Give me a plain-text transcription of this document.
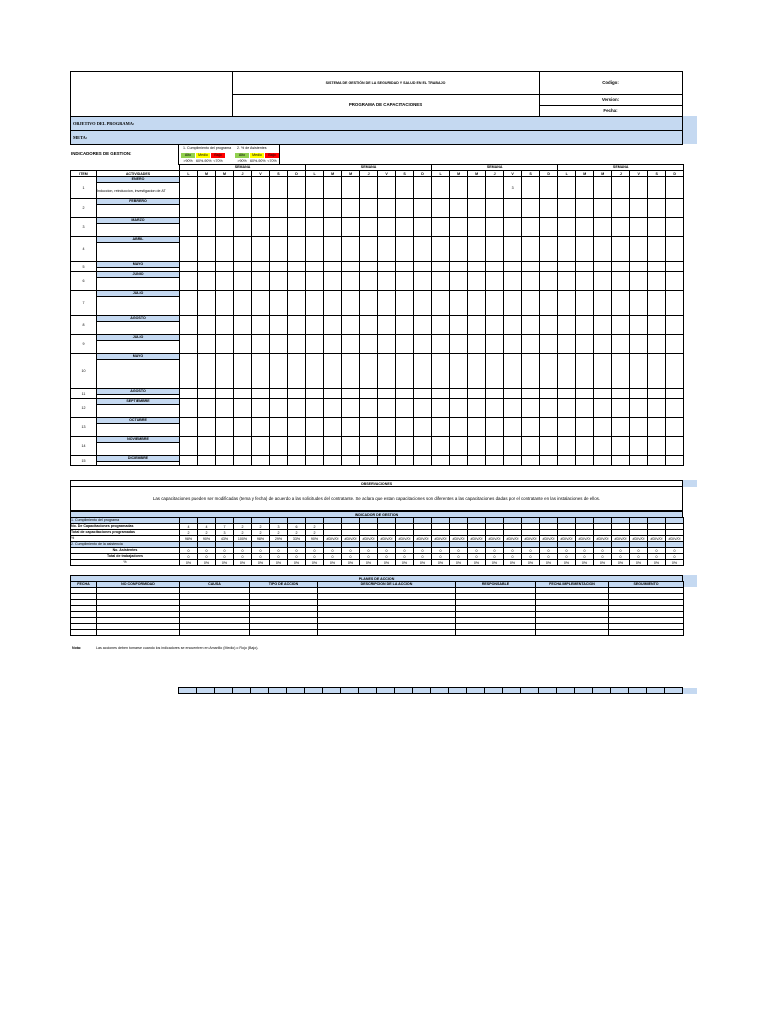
SISTEMA DE GESTIÓN DE LA SEGURIDAD Y SALUD EN EL TRABAJO
PROGRAMA DE CAPACITACIONES
Codigo:
Version:
Fecha:
OBJETIVO DEL PROGRAMA:
META:
INDICADORES DE GESTION:
1. Cumplimiento del programa 2. % de Asistentes
Alto
>90%
Medio
60%-90%
Bajo
<70%
Alto
>90%
Medio
60%-90%
Bajo
<70%
		SEMANA							SEMANA							SEMANA							SEMANA						
ITEM	ACTIVIDADES	L	M	M	J	V	S	D	L	M	M	J	V	S	D	L	M	M	J	V	S	D	L	M	M	J	V	S	D
1	ENERO																			3									
	Induccion, reinduccion, investigacion de AT																												
2	FEBRERO																												

3	MARZO																												

4	ABRIL																												

5	MAYO																												

6	JUNIO																												

7	JULIO																												

8	AGOSTO																												

9	JULIO																												

10	MAYO																												

11	AGOSTO																												

12	SEPTIEMBRE																												

13	OCTUBRE																												

14	NOVIEMBRE																												

15	DICIEMBRE																												

OBSERVACIONES
Las capacitaciones pueden ser modificadas (tema y fecha) de acuerdo a las solicitudes del contratante. Se aclara que estan capacitaciones son diferentes a las capacitaciones dadas por el contratante en las instalaciones de ellos.
INDICADOR DE GESTION
1. Cumplimiento del programa																												
No. De Capacitaciones programadas	4	4	7	2	2	3	6	2																				
Total de capacitaciones programadas	2	2	3	2	2	2	2	2																				
%	98%	90%	43%	100%	98%	29%	33%	90%	#DIV/0!	#DIV/0!	#DIV/0!	#DIV/0!	#DIV/0!	#DIV/0!	#DIV/0!	#DIV/0!	#DIV/0!	#DIV/0!	#DIV/0!	#DIV/0!	#DIV/0!	#DIV/0!	#DIV/0!	#DIV/0!	#DIV/0!	#DIV/0!	#DIV/0!	#DIV/0!
2. Cumplimiento de la asistencia																												
No. Asistentes	0	0	0	0	0	0	0	0	0	0	0	0	0	0	0	0	0	0	0	0	0	0	0	0	0	0	0	0
Total de trabajadores	0	0	0	0	0	0	0	0	0	0	0	0	0	0	0	0	0	0	0	0	0	0	0	0	0	0	0	0
%	0%	0%	0%	0%	0%	0%	0%	0%	0%	0%	0%	0%	0%	0%	0%	0%	0%	0%	0%	0%	0%	0%	0%	0%	0%	0%	0%	0%
PLANES DE ACCION
FECHA	NO CONFORMIDAD	CAUSA	TIPO DE ACCION	DESCRIPCION DE LA ACCION	RESPONSABLE	FECHA IMPLEMENTACION	SEGUIMIENTO

Nota:	Las acciones deben tomarse cuando los indicadores se encuentren en Amarillo (Medio) o Rojo (Bajo).
